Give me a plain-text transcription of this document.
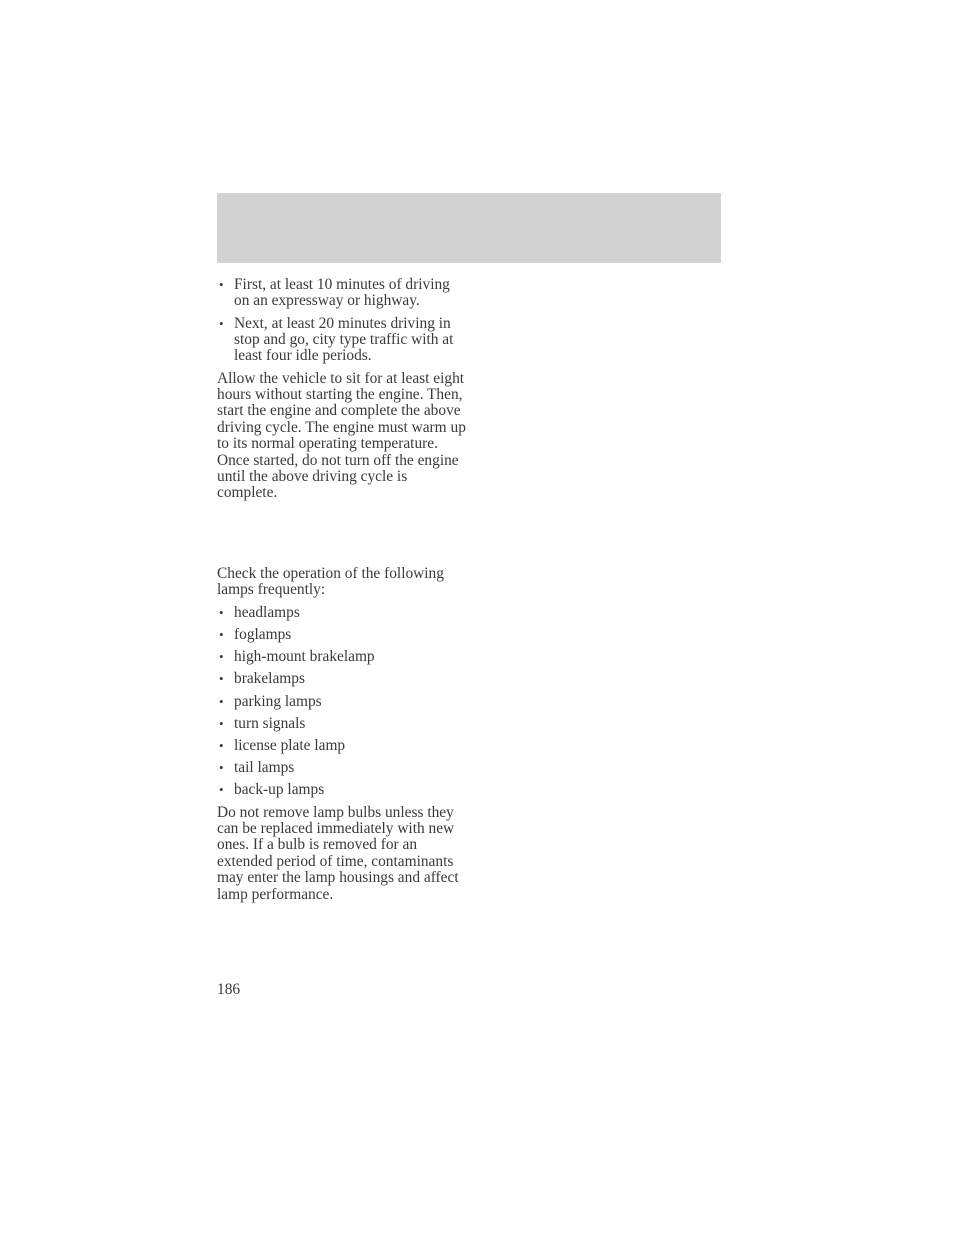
• First, at least 10 minutes of driving on an expressway or highway.
• Next, at least 20 minutes driving in stop and go, city type traffic with at least four idle periods.

Allow the vehicle to sit for at least eight hours without starting the engine. Then, start the engine and complete the above driving cycle. The engine must warm up to its normal operating temperature. Once started, do not turn off the engine until the above driving cycle is complete.

Check the operation of the following lamps frequently:

• headlamps
• foglamps
• high-mount brakelamp
• brakelamps
• parking lamps
• turn signals
• license plate lamp
• tail lamps
• back-up lamps

Do not remove lamp bulbs unless they can be replaced immediately with new ones. If a bulb is removed for an extended period of time, contaminants may enter the lamp housings and affect lamp performance.

186
